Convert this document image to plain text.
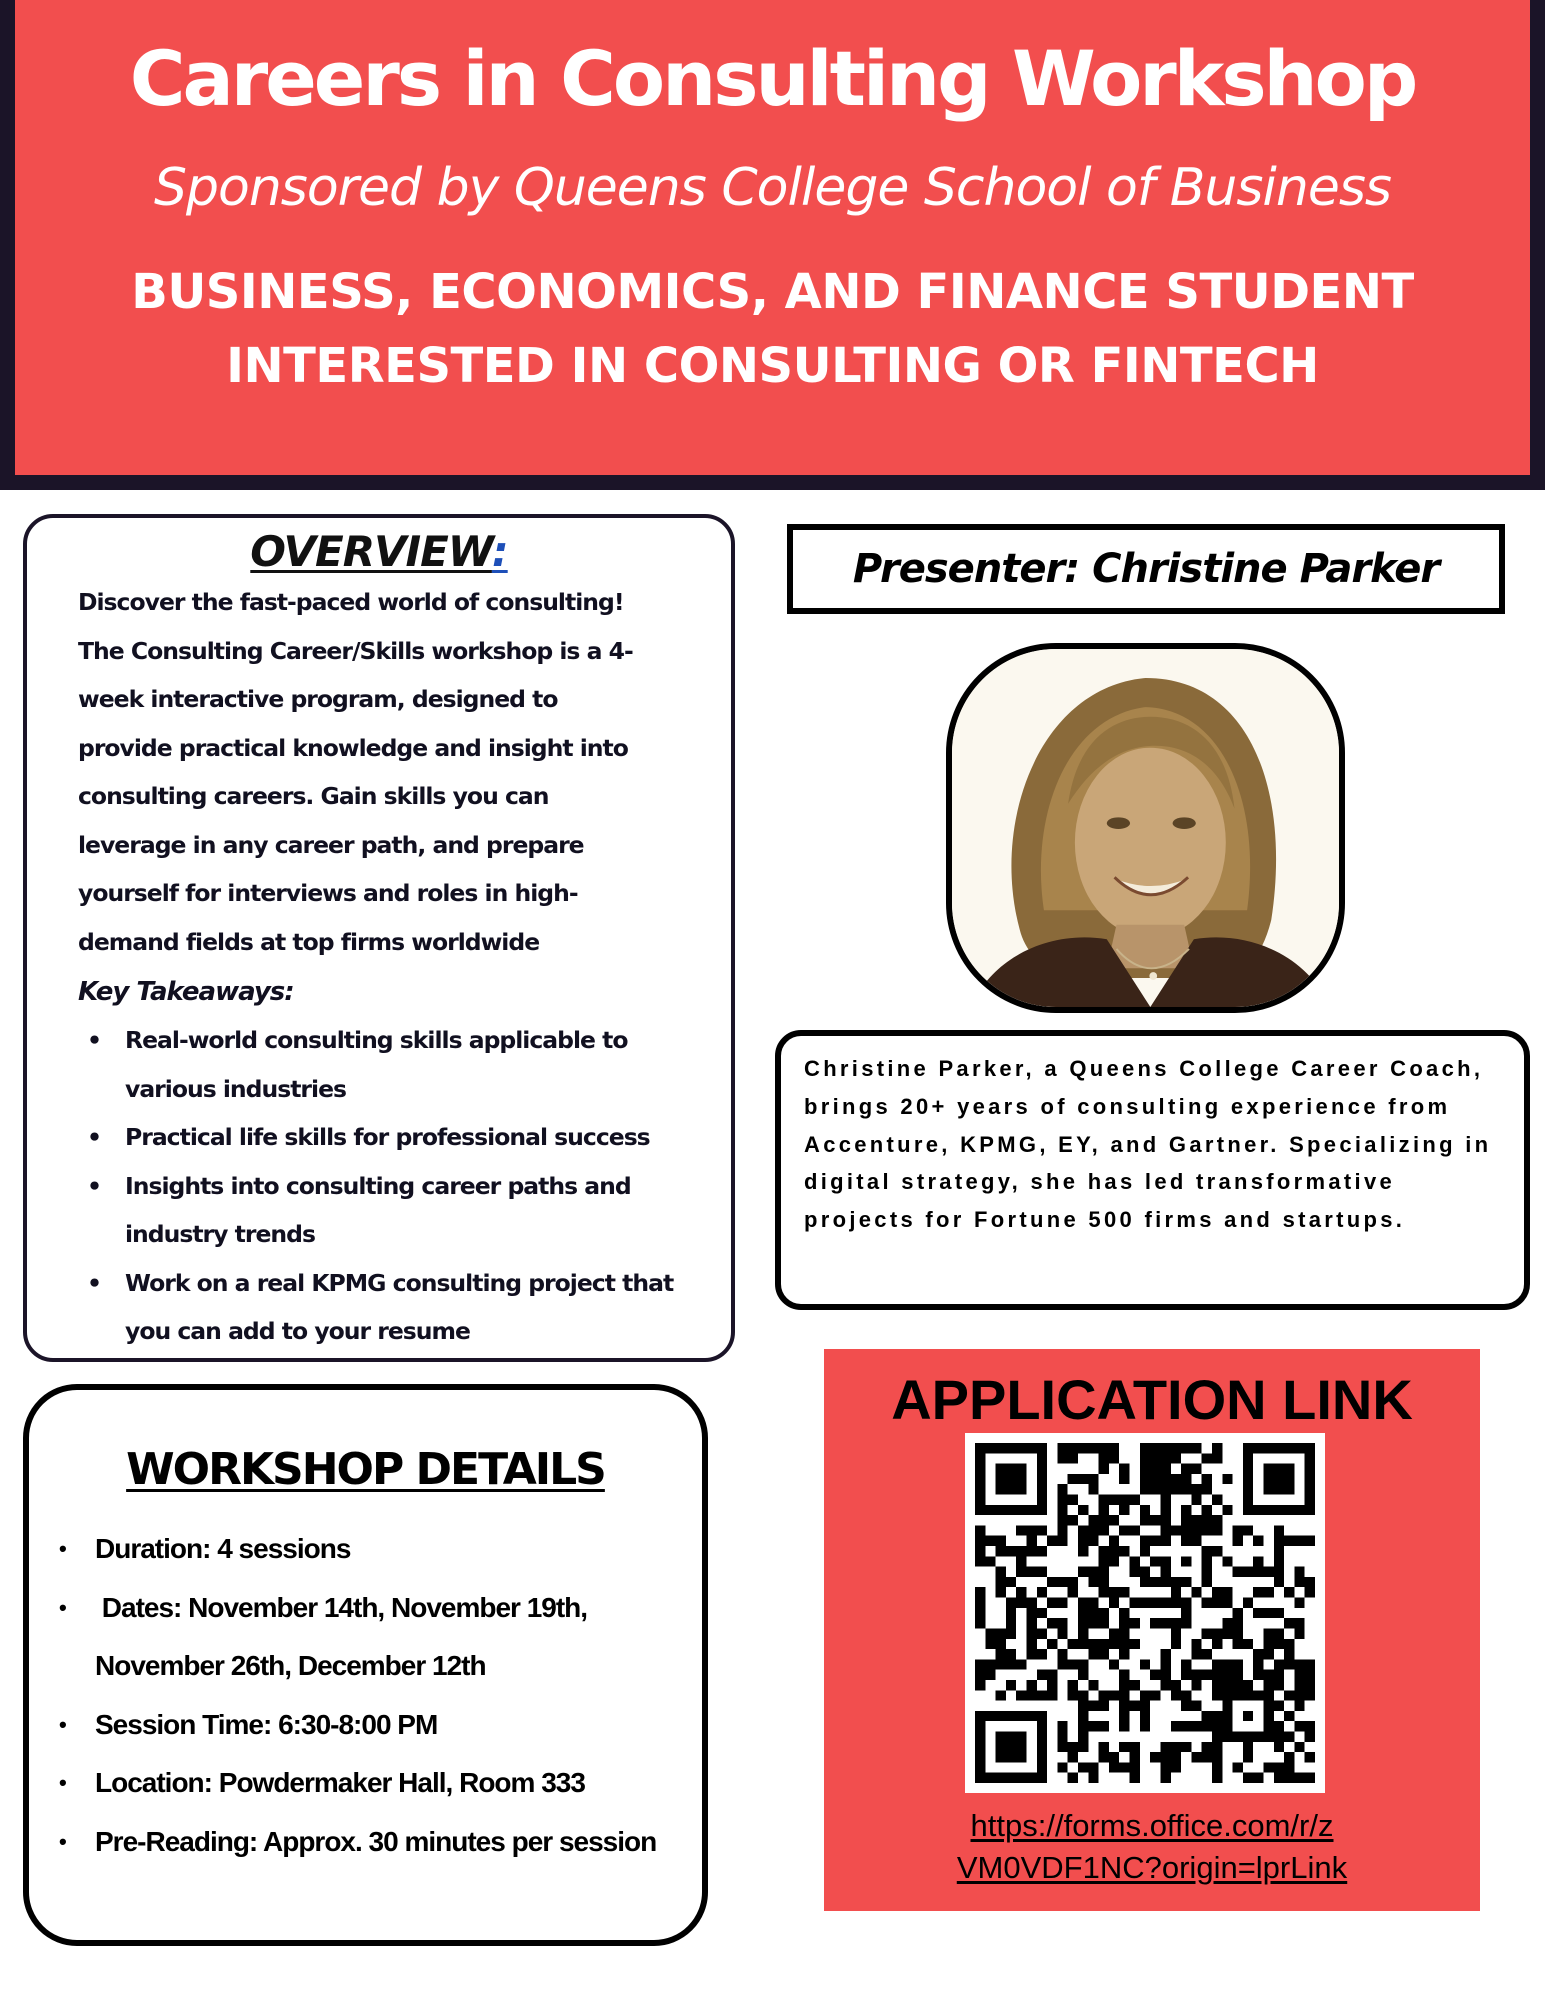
Careers in Consulting Workshop
Sponsored by Queens College School of Business
BUSINESS, ECONOMICS, AND FINANCE STUDENT
INTERESTED IN CONSULTING OR FINTECH
OVERVIEW:
Discover the fast-paced world of consulting!
The Consulting Career/Skills workshop is a 4-
week interactive program, designed to
provide practical knowledge and insight into
consulting careers. Gain skills you can
leverage in any career path, and prepare
yourself for interviews and roles in high-
demand fields at top firms worldwide
Key Takeaways:
• Real-world consulting skills applicable to various industries
• Practical life skills for professional success
• Insights into consulting career paths and industry trends
• Work on a real KPMG consulting project that you can add to your resume
Presenter: Christine Parker
Christine Parker, a Queens College Career Coach, brings 20+ years of consulting experience from Accenture, KPMG, EY, and Gartner. Specializing in digital strategy, she has led transformative projects for Fortune 500 firms and startups.
WORKSHOP DETAILS
• Duration: 4 sessions
• Dates: November 14th, November 19th, November 26th, December 12th
• Session Time: 6:30-8:00 PM
• Location: Powdermaker Hall, Room 333
• Pre-Reading: Approx. 30 minutes per session
APPLICATION LINK
https://forms.office.com/r/z
VM0VDF1NC?origin=lprLink
